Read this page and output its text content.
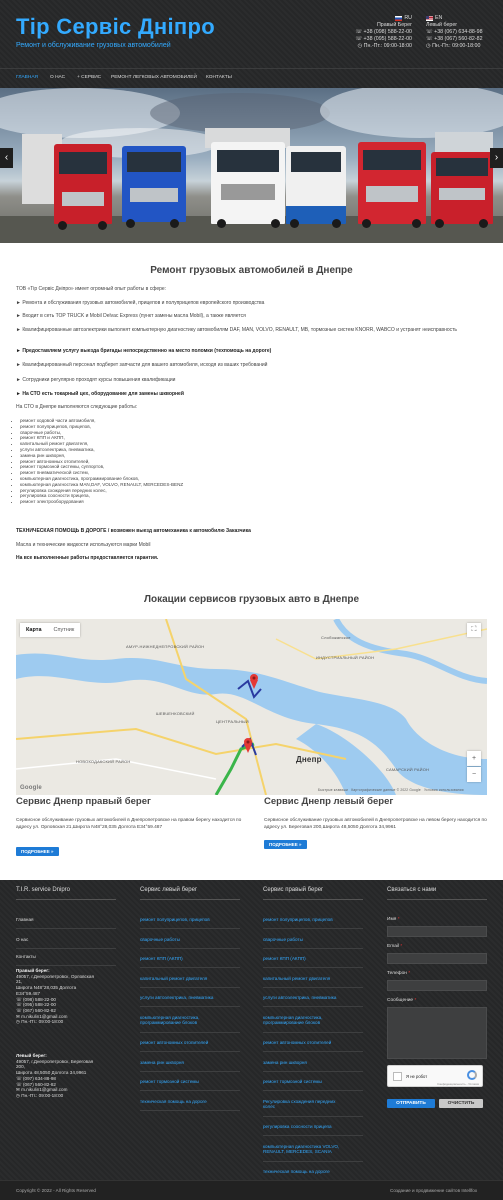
Тір Сервіс Дніпро
Ремонт и обслуживание грузовых автомобилей
RU
Правый Берег
☏ +38 (098) 588-22-00
☏ +38 (095) 588-22-00
◷ Пн.-Пт.: 09:00-18:00
EN
Левый берег
☏ +38 (067) 634-88-98
☏ +38 (067) 560-82-82
◷ Пн.-Пт.: 09:00-18:00
ГЛАВНАЯ О НАС + СЕРВИС РЕМОНТ ЛЕГКОВЫХ АВТОМОБИЛЕЙ КОНТАКТЫ
‹	›
Ремонт грузовых автомобилей в Днепре

ТОВ «Тір Сервіс Дніпро» имеет огромный опыт работы в сфере:

► Ремонта и обслуживания грузовых автомобилей, прицепов и полуприцепов европейского производства

► Входит в сеть TOP TRUCK и Mobil Delvac Express (пункт замены масла Mobil), а также является

► Квалифицированные автоэлектрики выполнят компьютерную диагностику автомобилям DAF, MAN, VOLVO, RENAULT, MB, тормозные систем KNORR, WABCO и устранят неисправность

► Предоставляем услугу выезда бригады непосредственно на место поломки (техпомощь на дороге)

► Квалифицированный персонал подберет запчасти для вашего автомобиля, исходя из ваших требований

► Сотрудники регулярно проходят курсы повышения квалификации

► На СТО есть токарный цех, оборудование для замены шкворней

На СТО в Днепре выполняются следующие работы:

ТЕХНИЧЕСКАЯ ПОМОЩЬ В ДОРОГЕ / возможен выезд автомеханика к автомобилю Заказчика

Масла и технические жидкости используются марки Mobil

На все выполненные работы предоставляется гарантия.

• ремонт ходовой части автомобиля,
• ремонт полуприцепов, прицепов,
• сварочные работы,
• ремонт КПП и АКПП,
• капитальный ремонт двигателя,
• услуги автоэлектрика, пневматика,
• замена рин шкворня,
• ремонт автономных отопителей,
• ремонт тормозной системы, суппортов,
• ремонт пневматической систем,
• компьютерная диагностика, программирование блоков,
• компьютерная диагностика MAN,DAF, VOLVO, RENAULT, MERCEDES-BENZ
• регулировка схождения передних колес,
• регулировка соосности прицепа,
• ремонт электрооборудования
Локации сервисов грузовых авто в Днепре
Карта	Спутник	⛶
+
−
Слобожанское
ИНДУСТРИАЛЬНЫЙ РАЙОН
АМУР-НИЖНЕДНЕПРОВСКИЙ РАЙОН
НОВОКОДАКСКИЙ РАЙОН
САМАРСКИЙ РАЙОН
ЦЕНТРАЛЬНЫЙ
ШЕВЧЕНКОВСКИЙ
Днепр
Google	Быстрые клавиши Картографические данные © 2022 Google Условия использования
Сервис Днепр правый берег

Сервисное обслуживание грузовых автомобилей в Днепропетровске на правом берегу находится по адресу ул. Орловская 21,Широта N48°28,035 Долгота E34°59.487

ПОДРОБНЕЕ »
Сервис Днепр левый берег

Сервисное обслуживание грузовых автомобилей в Днепропетровске на левом берегу находится по адресу ул. Береговая 200,Широта 48,5050 Долгота 34,9961

ПОДРОБНЕЕ »
T.I.R. service Dnipro	Сервис левый берег	Сервис правый берег	Связаться с нами
Главная
О нас
Контакты
Правый берег:
49057, г.Днепропетровск, Орловская
21,
Широта N48°28,035 Долгота
E34°59.487
☏ (098) 588-22-00
☏ (095) 588-22-00
☏ (067) 560-82-82
✉ m.nikulin1@gmail.com
◷ Пн.-Пт.: 09:00-18:00
Левый берег:
49057, г.Днепропетровск, Береговая
200,
Широта 48,5050 Долгота 34,9961
☏ (097) 634-88-98
☏ (067) 560-82-82
✉ m.nikulin1@gmail.com
◷ Пн.-Пт.: 09:00-18:00
ремонт полуприцепов, прицепов
сварочные работы
ремонт КПП (АКПП)
капитальный ремонт двигателя
услуги автоэлектрика, пневматика
компьютерная диагностика,
программирование блоков
ремонт автономных отопителей
замена рин шкворня
ремонт тормозной системы
техническая помощь на дороге
ремонт полуприцепов, прицепов
сварочные работы
ремонт КПП (АКПП)
капитальный ремонт двигателя
услуги автоэлектрика, пневматика
компьютерная диагностика,
программирование блоков
ремонт автономных отопителей
замена рин шкворня
ремонт тормозной системы
Регулировка схождения передних
колес
регулировка соосности прицепа
компьютерная диагностика VOLVO,
RENAULT, MERCEDES, SCANIA
техническая помощь на дороге
Имя *
Email *
Телефон *
Сообщение *
Я не робот
Конфиденциальность - Условия
ОТПРАВИТЬ	ОЧИСТИТЬ
Copyright © 2022 - All Rights Reserved	Создание и продвижение сайтов Intellfox
